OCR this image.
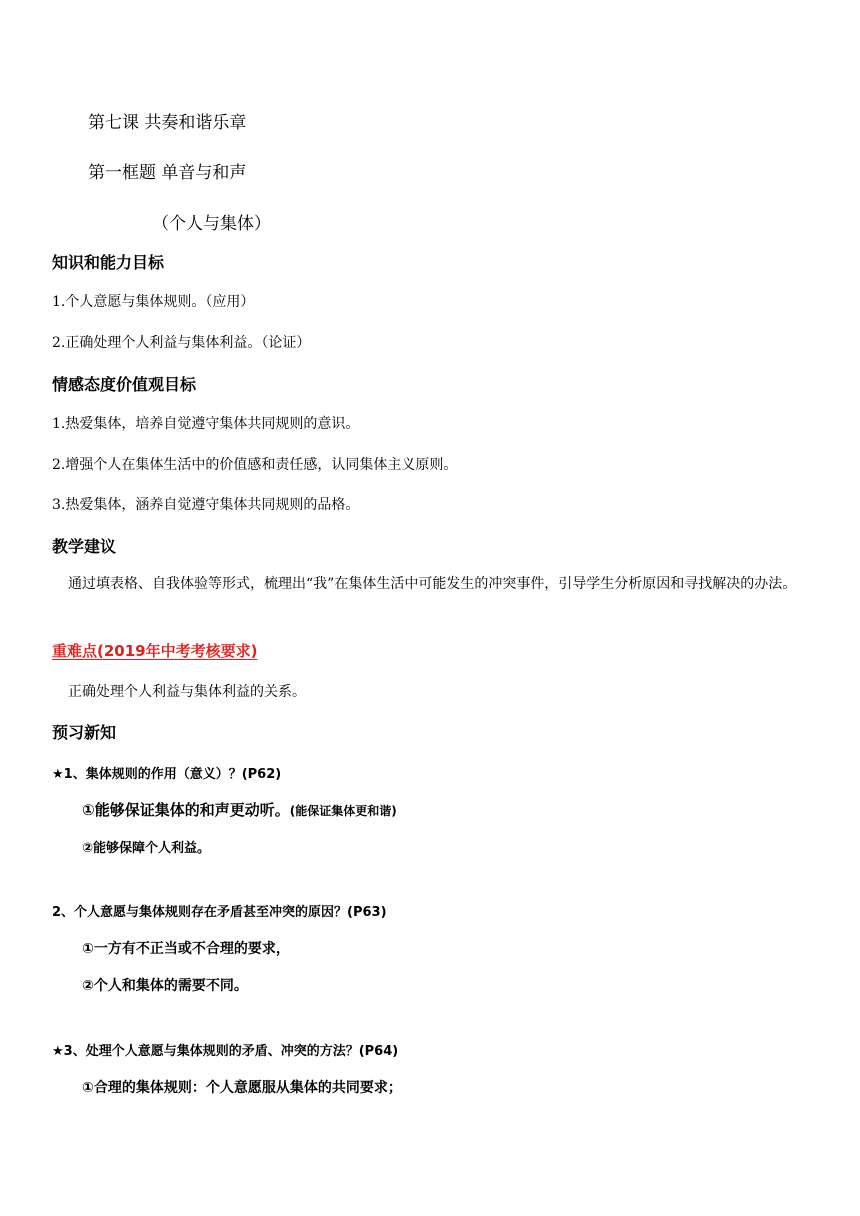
第七课 共奏和谐乐章
第一框题 单音与和声
（个人与集体）
知识和能力目标
1.个人意愿与集体规则。（应用）
2.正确处理个人利益与集体利益。（论证）
情感态度价值观目标
1.热爱集体，培养自觉遵守集体共同规则的意识。
2.增强个人在集体生活中的价值感和责任感，认同集体主义原则。
3.热爱集体，涵养自觉遵守集体共同规则的品格。
教学建议
通过填表格、自我体验等形式，梳理出“我”在集体生活中可能发生的冲突事件，引导学生分析原因和寻找解决的办法。
重难点(2019年中考考核要求)
正确处理个人利益与集体利益的关系。
预习新知
★1、集体规则的作用（意义）？(P62)
①能够保证集体的和声更动听。(能保证集体更和谐)
②能够保障个人利益。
2、个人意愿与集体规则存在矛盾甚至冲突的原因？(P63)
①一方有不正当或不合理的要求，
②个人和集体的需要不同。
★3、处理个人意愿与集体规则的矛盾、冲突的方法？(P64)
①合理的集体规则：个人意愿服从集体的共同要求；
